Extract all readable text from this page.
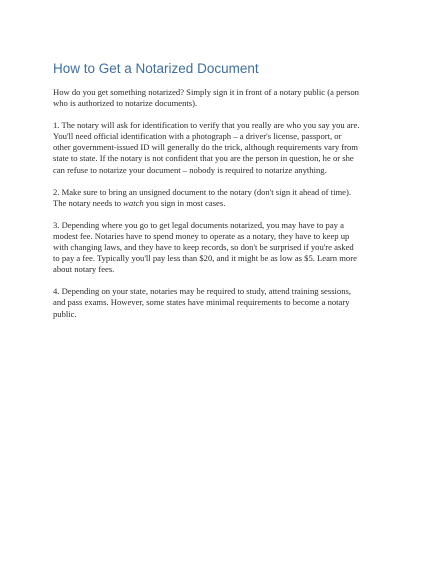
How to Get a Notarized Document

How do you get something notarized? Simply sign it in front of a notary public (a person
who is authorized to notarize documents).

1. The notary will ask for identification to verify that you really are who you say you are.
You'll need official identification with a photograph – a driver's license, passport, or
other government-issued ID will generally do the trick, although requirements vary from
state to state. If the notary is not confident that you are the person in question, he or she
can refuse to notarize your document – nobody is required to notarize anything.

2. Make sure to bring an unsigned document to the notary (don't sign it ahead of time).
The notary needs to watch you sign in most cases.

3. Depending where you go to get legal documents notarized, you may have to pay a
modest fee. Notaries have to spend money to operate as a notary, they have to keep up
with changing laws, and they have to keep records, so don't be surprised if you're asked
to pay a fee. Typically you'll pay less than $20, and it might be as low as $5. Learn more
about notary fees.

4. Depending on your state, notaries may be required to study, attend training sessions,
and pass exams. However, some states have minimal requirements to become a notary
public.
